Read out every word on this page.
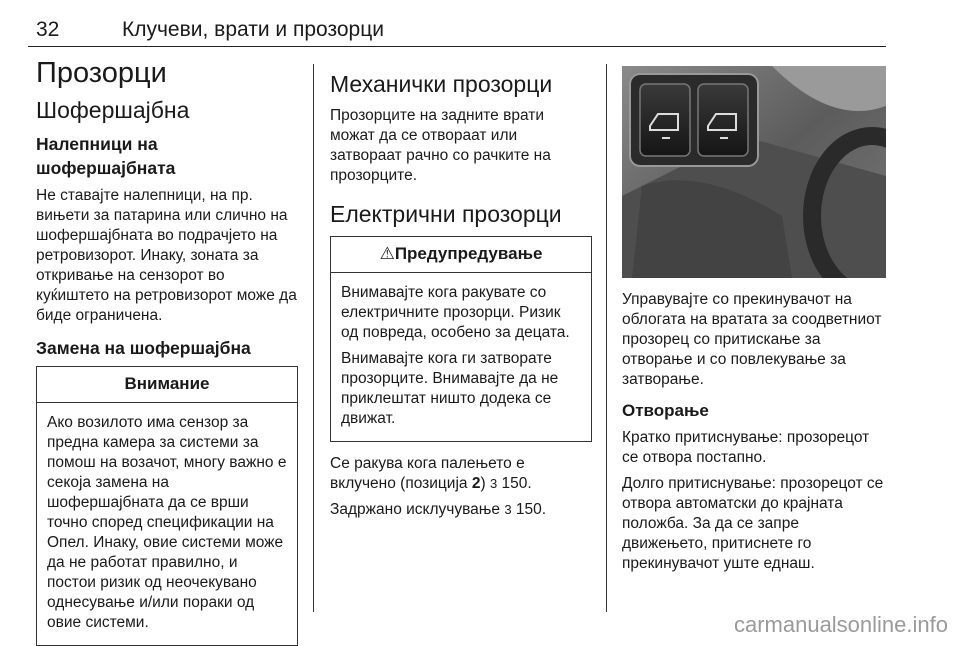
32	Клучеви, врати и прозорци
Прозорци
Шофершајбна
Налепници на шофершајбната

Не ставајте налепници, на пр. вињети за патарина или слично на шофершајбната во подрачјето на ретровизорот. Инаку, зоната за откривање на сензорот во куќиштето на ретровизорот може да биде ограничена.

Замена на шофершајбна
Внимание

Ако возилото има сензор за предна камера за системи за помош на возачот, многу важно е секоја замена на шофершајбната да се врши точно според спецификации на Опел. Инаку, овие системи може да не работат правилно, и постои ризик од неочекувано однесување и/или пораки од овие системи.

Механички прозорци

Прозорците на задните врати можат да се отвораат или затвораат рачно со рачките на прозорците.

Електрични прозорци
⚠Предупредување

Внимавајте кога ракувате со електричните прозорци. Ризик од повреда, особено за децата.

Внимавајте кога ги затворате прозорците. Внимавајте да не приклештат ништо додека се движат.

Се ракува кога палењето е вклучено (позиција 2) 3 150.

Задржано исклучување 3 150.

Управувајте со прекинувачот на облогата на вратата за соодветниот прозорец со притискање за отворање и со повлекување за затворање.

Отворање

Кратко притиснување: прозорецот се отвора постапно.

Долго притиснување: прозорецот се отвора автоматски до крајната положба. За да се запре движењето, притиснете го прекинувачот уште еднаш.

carmanualsonline.info
